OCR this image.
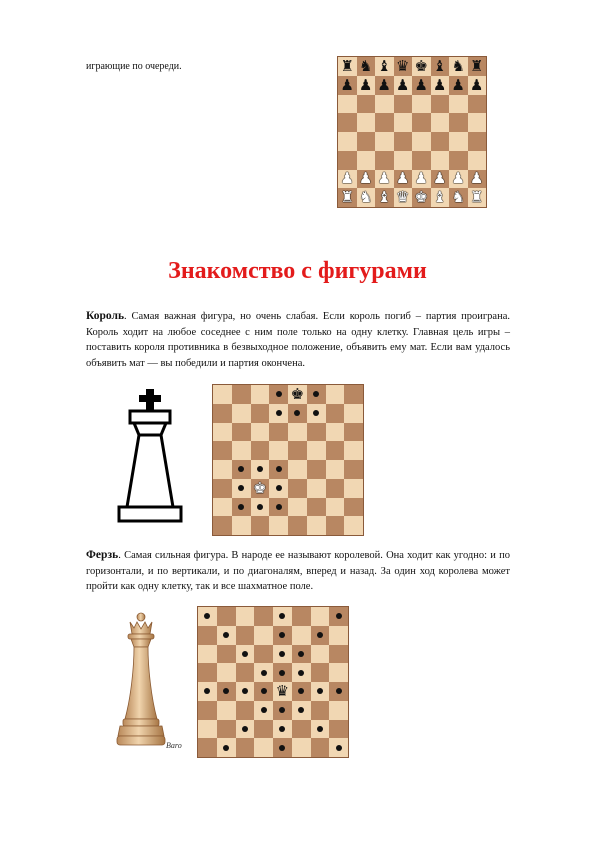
играющие по очереди.	♜ ♞ ♝ ♛ ♚ ♝ ♞ ♜
♟ ♟ ♟ ♟ ♟ ♟ ♟ ♟
♟ ♟ ♟ ♟ ♟ ♟ ♟ ♟
♜ ♞ ♝ ♛ ♚ ♝ ♞ ♜
Знакомство с фигурами
Король. Самая важная фигура, но очень слабая. Если король погиб – партия проиграна. Король ходит на любое соседнее с ним поле только на одну клетку. Главная цель игры – поставить короля противника в безвыходное положение, объявить ему мат. Если вам удалось объявить мат — вы победили и партия окончена.
♚
♚
Ферзь. Самая сильная фигура. В народе ее называют королевой. Она ходит как угодно: и по горизонтали, и по вертикали, и по диагоналям, вперед и назад. За один ход королева может пройти как одну клетку, так и все шахматное поле.
Baro
♛
